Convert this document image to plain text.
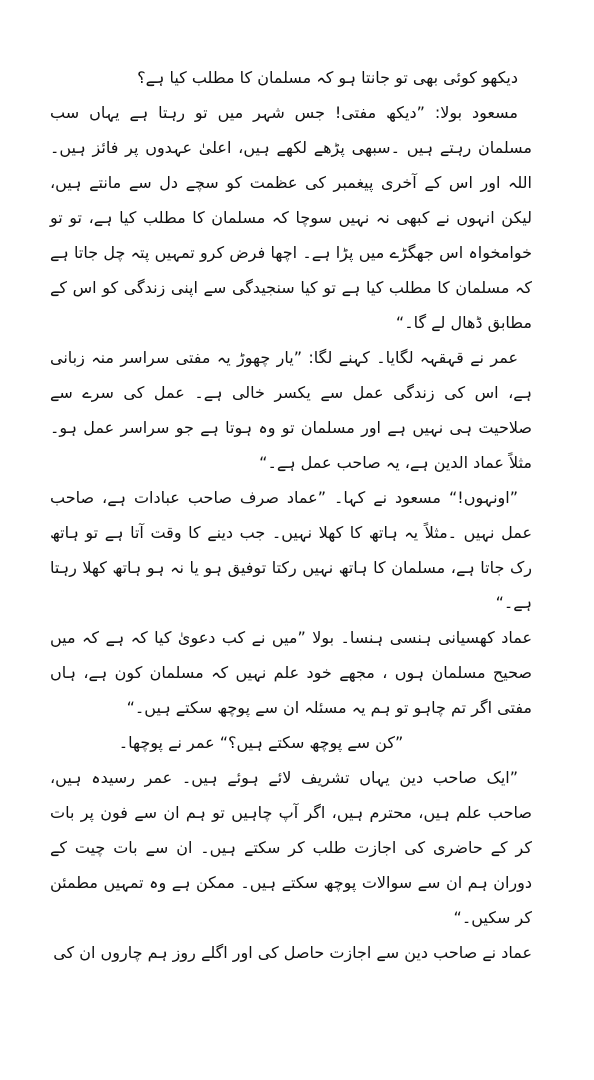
دیکھو کوئی بھی تو جانتا ہو کہ مسلمان کا مطلب کیا ہے؟

مسعود بولا: ”دیکھ مفتی! جس شہر میں تو رہتا ہے یہاں سب مسلمان رہتے ہیں ۔سبھی پڑھے لکھے ہیں، اعلیٰ عہدوں پر فائز ہیں۔ اللہ اور اس کے آخری پیغمبر کی عظمت کو سچے دل سے مانتے ہیں، لیکن انہوں نے کبھی نہ نہیں سوچا کہ مسلمان کا مطلب کیا ہے، تو تو خوامخواہ اس جھگڑے میں پڑا ہے۔ اچھا فرض کرو تمہیں پتہ چل جاتا ہے کہ مسلمان کا مطلب کیا ہے تو کیا سنجیدگی سے اپنی زندگی کو اس کے مطابق ڈھال لے گا۔“

عمر نے قہقہہ لگایا۔ کہنے لگا: ”یار چھوڑ یہ مفتی سراسر منہ زبانی ہے، اس کی زندگی عمل سے یکسر خالی ہے۔ عمل کی سرے سے صلاحیت ہی نہیں ہے اور مسلمان تو وہ ہوتا ہے جو سراسر عمل ہو۔ مثلاً عماد الدین ہے، یہ صاحب عمل ہے۔“

”اونہوں!“ مسعود نے کہا۔ ”عماد صرف صاحب عبادات ہے، صاحب عمل نہیں ۔مثلاً یہ ہاتھ کا کھلا نہیں۔ جب دینے کا وقت آتا ہے تو ہاتھ رک جاتا ہے، مسلمان کا ہاتھ نہیں رکتا توفیق ہو یا نہ ہو ہاتھ کھلا رہتا ہے۔“

عماد کھسیانی ہنسی ہنسا۔ بولا ”میں نے کب دعویٰ کیا کہ ہے کہ میں صحیح مسلمان ہوں ، مجھے خود علم نہیں کہ مسلمان کون ہے، ہاں مفتی اگر تم چاہو تو ہم یہ مسئلہ ان سے پوچھ سکتے ہیں۔“

”کن سے پوچھ سکتے ہیں؟“ عمر نے پوچھا۔

”ایک صاحب دین یہاں تشریف لائے ہوئے ہیں۔ عمر رسیدہ ہیں، صاحب علم ہیں، محترم ہیں، اگر آپ چاہیں تو ہم ان سے فون پر بات کر کے حاضری کی اجازت طلب کر سکتے ہیں۔ ان سے بات چیت کے دوران ہم ان سے سوالات پوچھ سکتے ہیں۔ ممکن ہے وہ تمہیں مطمئن کر سکیں۔“

عماد نے صاحب دین سے اجازت حاصل کی اور اگلے روز ہم چاروں ان کی
